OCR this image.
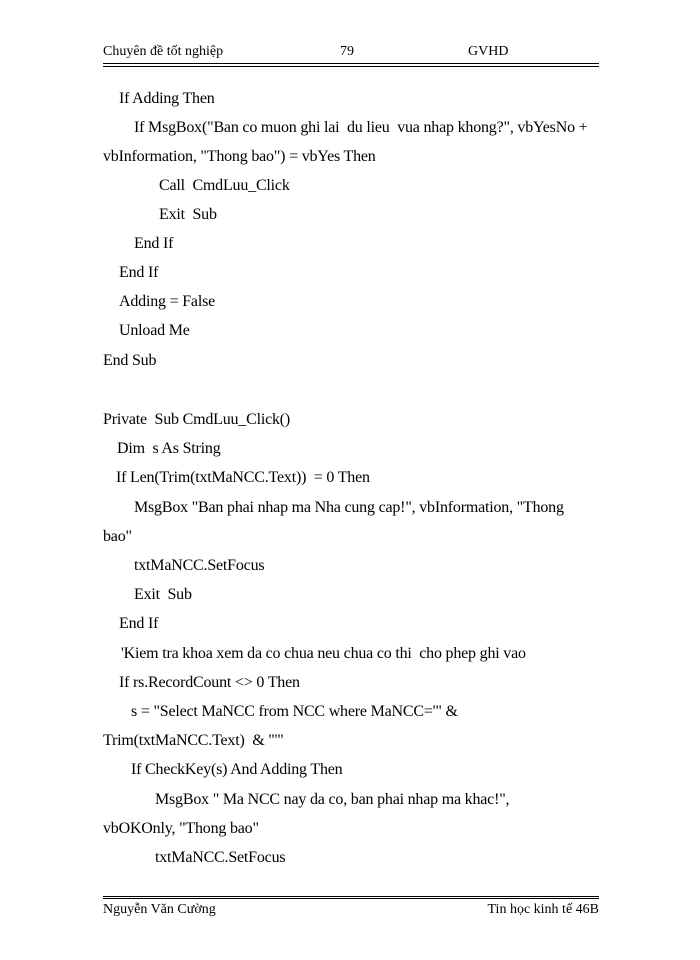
Chuyên đề tốt nghiệp	79	GVHD
If Adding Then
If MsgBox("Ban co muon ghi lai  du lieu  vua nhap khong?", vbYesNo +
vbInformation, "Thong bao") = vbYes Then
Call  CmdLuu_Click
Exit  Sub
End If
End If
Adding = False
Unload Me
End Sub
Private  Sub CmdLuu_Click()
Dim  s As String
If Len(Trim(txtMaNCC.Text))  = 0 Then
MsgBox "Ban phai nhap ma Nha cung cap!", vbInformation, "Thong
bao"
txtMaNCC.SetFocus
Exit  Sub
End If
'Kiem tra khoa xem da co chua neu chua co thi  cho phep ghi vao
If rs.RecordCount <> 0 Then
s = "Select MaNCC from NCC where MaNCC='" &
Trim(txtMaNCC.Text)  & "'"
If CheckKey(s) And Adding Then
MsgBox " Ma NCC nay da co, ban phai nhap ma khac!",
vbOKOnly, "Thong bao"
txtMaNCC.SetFocus
Nguyễn Văn Cường	Tin học kinh tế 46B
